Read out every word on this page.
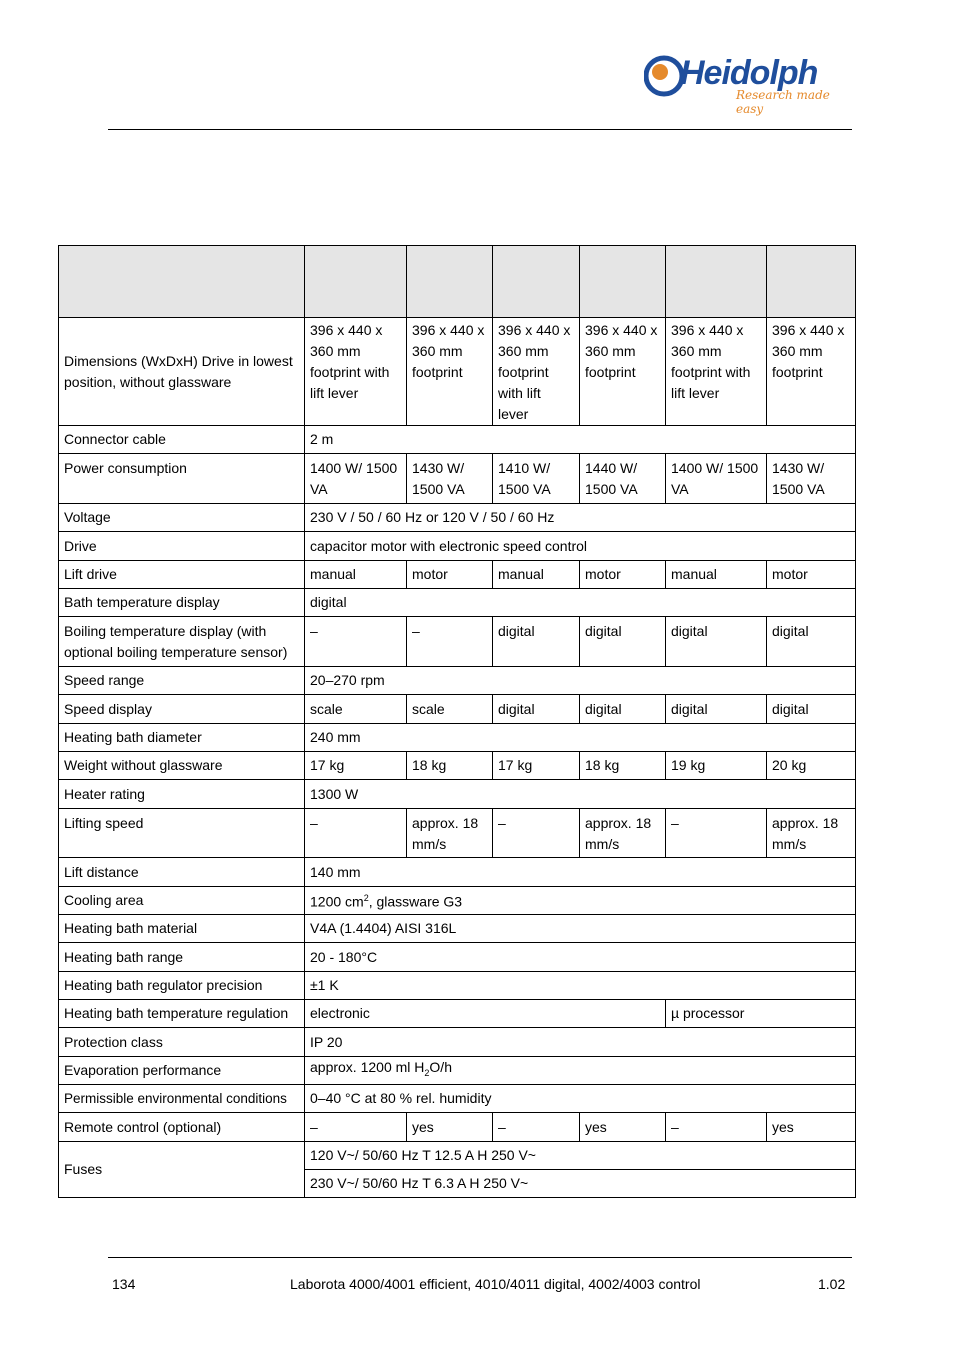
Heidolph
Research made easy

Dimensions (WxDxH) Drive in lowest position, without glassware	396 x 440 x 360 mm footprint with lift lever	396 x 440 x 360 mm footprint	396 x 440 x 360 mm footprint with lift lever	396 x 440 x 360 mm footprint	396 x 440 x 360 mm footprint with lift lever	396 x 440 x 360 mm footprint
Connector cable	2 m					
Power consumption	1400 W/ 1500 VA	1430 W/ 1500 VA	1410 W/ 1500 VA	1440 W/ 1500 VA	1400 W/ 1500 VA	1430 W/ 1500 VA
Voltage	230 V / 50 / 60 Hz or 120 V / 50 / 60 Hz					
Drive	capacitor motor with electronic speed control					
Lift drive	manual	motor	manual	motor	manual	motor
Bath temperature display	digital					
Boiling temperature display (with optional boiling temperature sensor)	–	–	digital	digital	digital	digital
Speed range	20–270 rpm					
Speed display	scale	scale	digital	digital	digital	digital
Heating bath diameter	240 mm					
Weight without glassware	17 kg	18 kg	17 kg	18 kg	19 kg	20 kg
Heater rating	1300 W					
Lifting speed	–	approx. 18 mm/s	–	approx. 18 mm/s	–	approx. 18 mm/s
Lift distance	140 mm					
Cooling area	1200 $cm^2$, glassware G3					
Heating bath material	V4A (1.4404) AISI 316L					
Heating bath range	20 - 180°C					
Heating bath regulator precision	±1 K					
Heating bath temperature regulation	electronic				µ processor	
Protection class	IP 20					
Evaporation performance	approx. 1200 ml $H_2O/h$					
Permissible environmental conditions	0–40 °C at 80 % rel. humidity					
Remote control (optional)	–	yes	–	yes	–	yes
Fuses	120 V~/ 50/60 Hz T 12.5 A H 250 V~					
	230 V~/ 50/60 Hz T 6.3 A H 250 V~					
134	Laborota 4000/4001 efficient, 4010/4011 digital, 4002/4003 control	1.02
